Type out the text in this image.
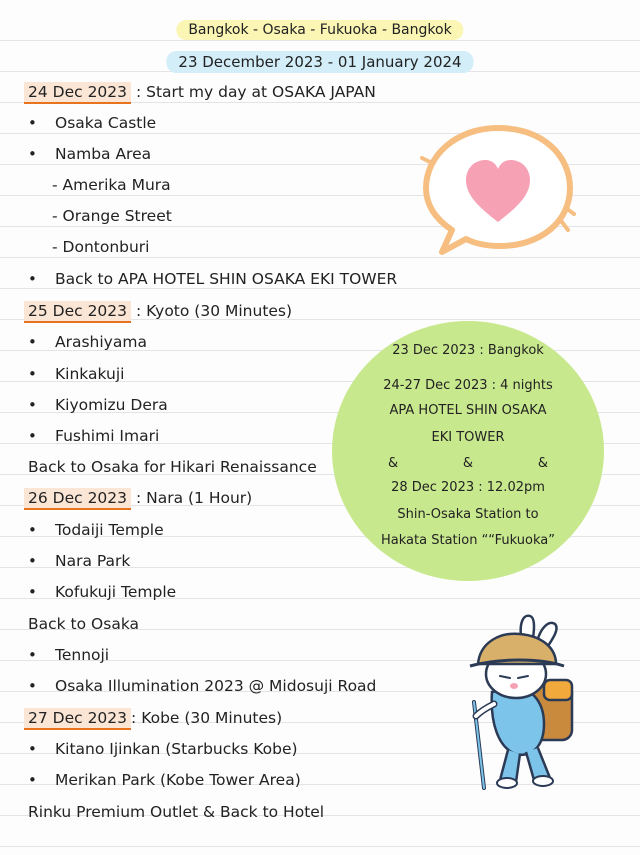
Bangkok - Osaka - Fukuoka - Bangkok
23 December 2023 - 01 January 2024
24 Dec 2023 : Start my day at OSAKA JAPAN
• Osaka Castle
• Namba Area
- Amerika Mura
- Orange Street
- Dontonburi
• Back to APA HOTEL SHIN OSAKA EKI TOWER
25 Dec 2023 : Kyoto (30 Minutes)
• Arashiyama
• Kinkakuji
• Kiyomizu Dera
• Fushimi Imari
Back to Osaka for Hikari Renaissance
26 Dec 2023 : Nara (1 Hour)
• Todaiji Temple
• Nara Park
• Kofukuji Temple
Back to Osaka
• Tennoji
• Osaka Illumination 2023 @ Midosuji Road
27 Dec 2023 : Kobe (30 Minutes)
• Kitano Ijinkan (Starbucks Kobe)
• Merikan Park (Kobe Tower Area)
Rinku Premium Outlet & Back to Hotel
23 Dec 2023 : Bangkok
24-27 Dec 2023 : 4 nights
APA HOTEL SHIN OSAKA
EKI TOWER
&	&	&
28 Dec 2023 : 12.02pm
Shin-Osaka Station to
Hakata Station ““Fukuoka”
